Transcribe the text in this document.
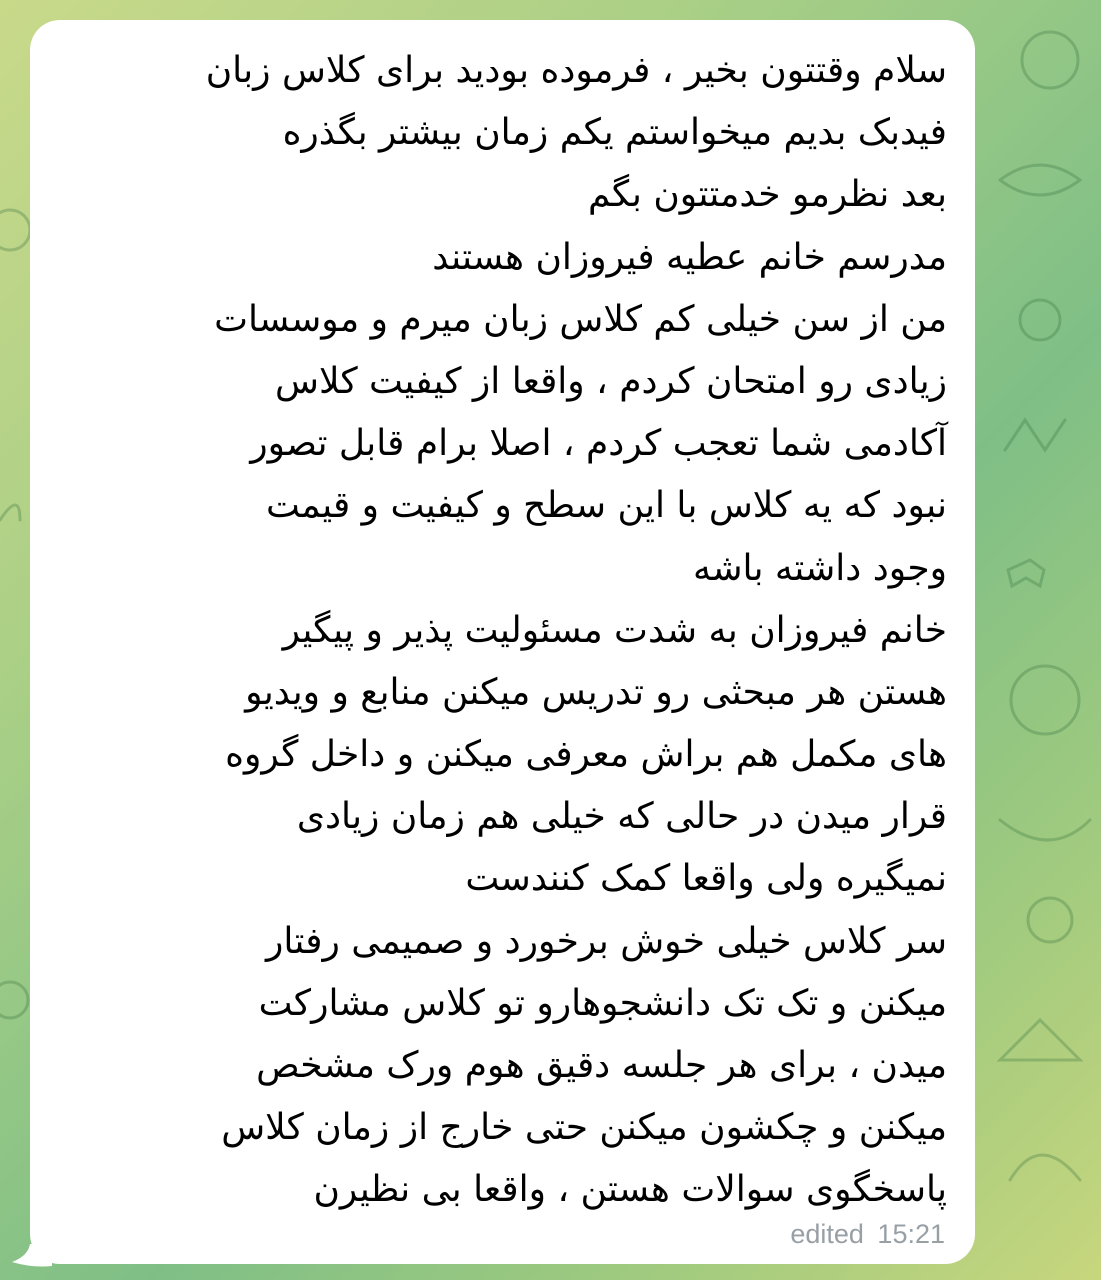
سلام وقتتون بخیر ، فرموده بودید برای کلاس زبان
فیدبک بدیم میخواستم یکم زمان بیشتر بگذره
بعد نظرمو خدمتتون بگم
مدرسم خانم عطیه فیروزان هستند
من از سن خیلی کم کلاس زبان میرم و موسسات
زیادی رو امتحان کردم ، واقعا از کیفیت کلاس
آکادمی شما تعجب کردم ، اصلا برام قابل تصور
نبود که یه کلاس با این سطح و کیفیت و قیمت
وجود داشته باشه
خانم فیروزان به شدت مسئولیت پذیر و پیگیر
هستن هر مبحثی رو تدریس میکنن منابع و ویدیو
های مکمل هم براش معرفی میکنن و داخل گروه
قرار میدن در حالی که خیلی هم زمان زیادی
نمیگیره ولی واقعا کمک کنندست
سر کلاس خیلی خوش برخورد و صمیمی رفتار
میکنن و تک تک دانشجوهارو تو کلاس مشارکت
میدن ، برای هر جلسه دقیق هوم ورک مشخص
میکنن و چکشون میکنن حتی خارج از زمان کلاس
پاسخگوی سوالات هستن ، واقعا بی نظیرن
edited 15:21
